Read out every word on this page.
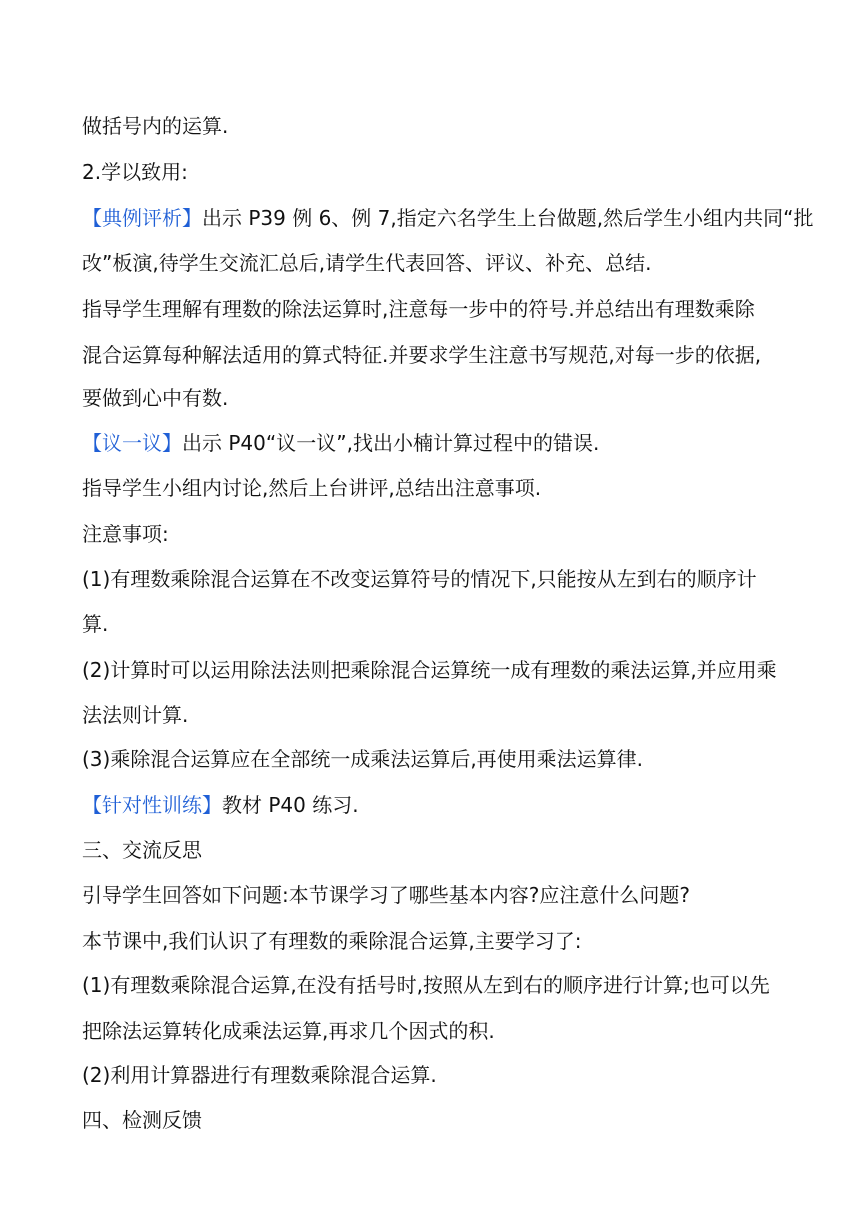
做括号内的运算.
2.学以致用:
【典例评析】出示 P39 例 6、例 7,指定六名学生上台做题,然后学生小组内共同“批
改”板演,待学生交流汇总后,请学生代表回答、评议、补充、总结.
指导学生理解有理数的除法运算时,注意每一步中的符号.并总结出有理数乘除
混合运算每种解法适用的算式特征.并要求学生注意书写规范,对每一步的依据,
要做到心中有数.
【议一议】出示 P40“议一议”,找出小楠计算过程中的错误.
指导学生小组内讨论,然后上台讲评,总结出注意事项.
注意事项:
(1)有理数乘除混合运算在不改变运算符号的情况下,只能按从左到右的顺序计
算.
(2)计算时可以运用除法法则把乘除混合运算统一成有理数的乘法运算,并应用乘
法法则计算.
(3)乘除混合运算应在全部统一成乘法运算后,再使用乘法运算律.
【针对性训练】教材 P40 练习.
三、交流反思
引导学生回答如下问题:本节课学习了哪些基本内容?应注意什么问题?
本节课中,我们认识了有理数的乘除混合运算,主要学习了:
(1)有理数乘除混合运算,在没有括号时,按照从左到右的顺序进行计算;也可以先
把除法运算转化成乘法运算,再求几个因式的积.
(2)利用计算器进行有理数乘除混合运算.
四、检测反馈
